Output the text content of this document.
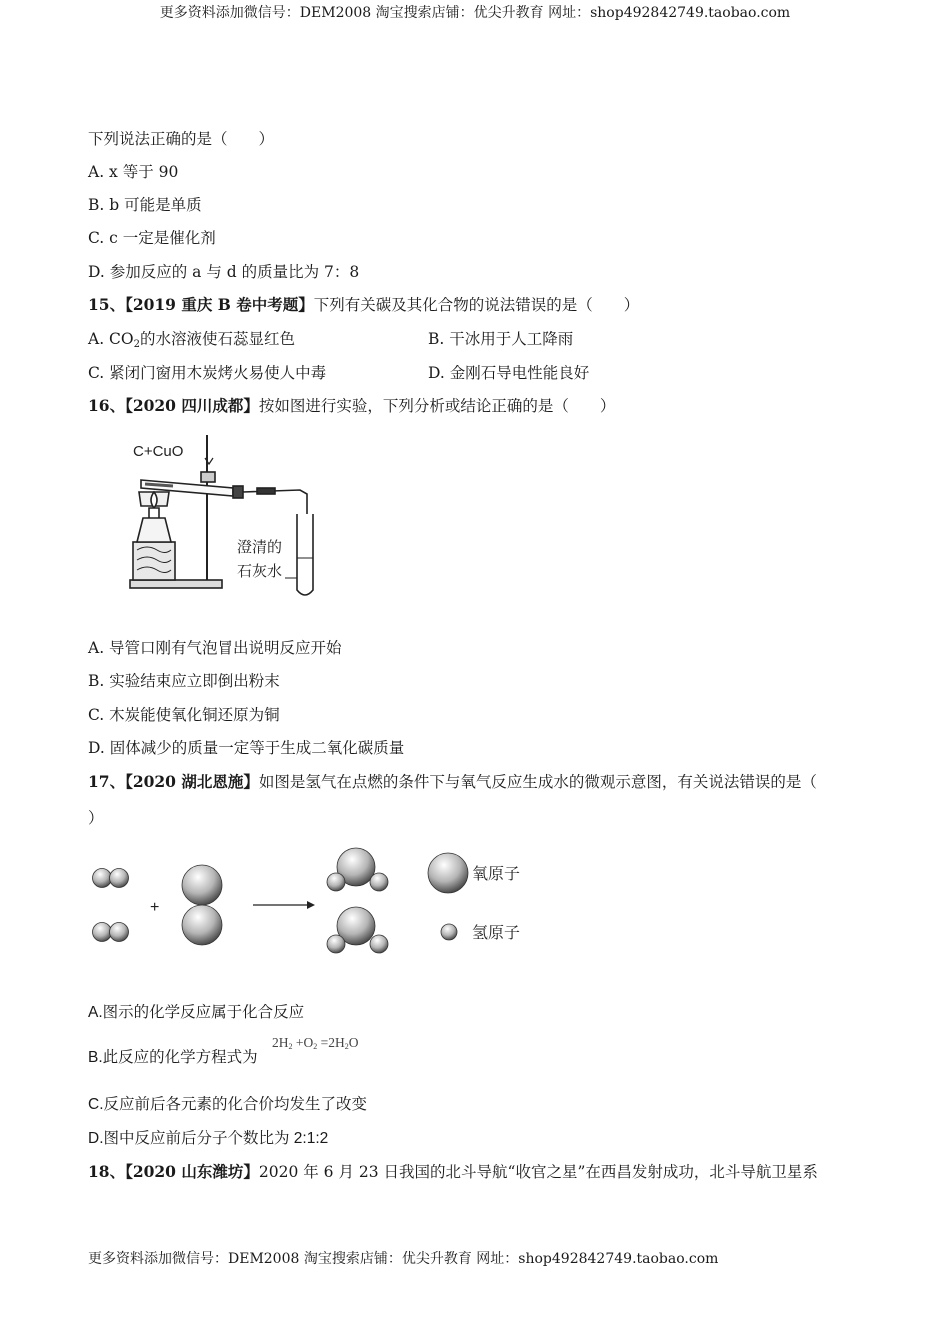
更多资料添加微信号：DEM2008 淘宝搜索店铺：优尖升教育 网址：shop492842749.taobao.com
下列说法正确的是（　　）
A. x 等于 90
B. b 可能是单质
C. c 一定是催化剂
D. 参加反应的 a 与 d 的质量比为 7：8
15、【2019 重庆 B 卷中考题】下列有关碳及其化合物的说法错误的是（　　）
A. $CO_2$的水溶液使石蕊显红色	B. 干冰用于人工降雨
C. 紧闭门窗用木炭烤火易使人中毒	D. 金刚石导电性能良好
16、【2020 四川成都】按如图进行实验，下列分析或结论正确的是（　　）
C+CuO
澄清的
石灰水
A. 导管口刚有气泡冒出说明反应开始
B. 实验结束应立即倒出粉末
C. 木炭能使氧化铜还原为铜
D. 固体减少的质量一定等于生成二氧化碳质量
17、【2020 湖北恩施】如图是氢气在点燃的条件下与氧气反应生成水的微观示意图，有关说法错误的是（
）
+
氧原子
氢原子
A.图示的化学反应属于化合反应
B.此反应的化学方程式为
2H2 +O2 =2H2O
C.反应前后各元素的化合价均发生了改变
D.图中反应前后分子个数比为 2:1:2
18、【2020 山东潍坊】2020 年 6 月 23 日我国的北斗导航“收官之星”在西昌发射成功，北斗导航卫星系
更多资料添加微信号：DEM2008 淘宝搜索店铺：优尖升教育 网址：shop492842749.taobao.com
